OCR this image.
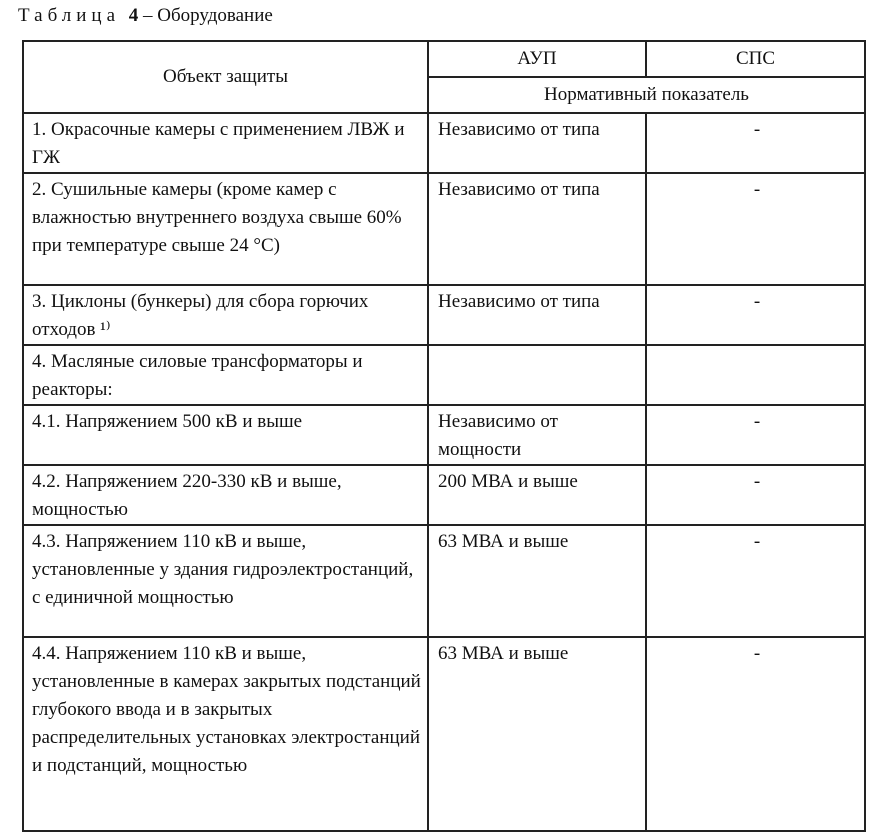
Таблица 4 – Оборудование
Объект защиты	АУП	СПС
	Нормативный показатель	
1. Окрасочные камеры с применением ЛВЖ и ГЖ	Независимо от типа	-
2. Сушильные камеры (кроме камер с влажностью внутреннего воздуха свыше 60% при температуре свыше 24 °С)	Независимо от типа	-
3. Циклоны (бункеры) для сбора горючих отходов ¹⁾	Независимо от типа	-
4. Масляные силовые трансформаторы и реакторы:		
4.1. Напряжением 500 кВ и выше	Независимо от мощности	-
4.2. Напряжением 220-330 кВ и выше, мощностью	200 МВА и выше	-
4.3. Напряжением 110 кВ и выше, установленные у здания гидроэлектростанций, с единичной мощностью	63 МВА и выше	-
4.4. Напряжением 110 кВ и выше, установленные в камерах закрытых подстанций глубокого ввода и в закрытых распределительных установках электростанций и подстанций, мощностью	63 МВА и выше	-
